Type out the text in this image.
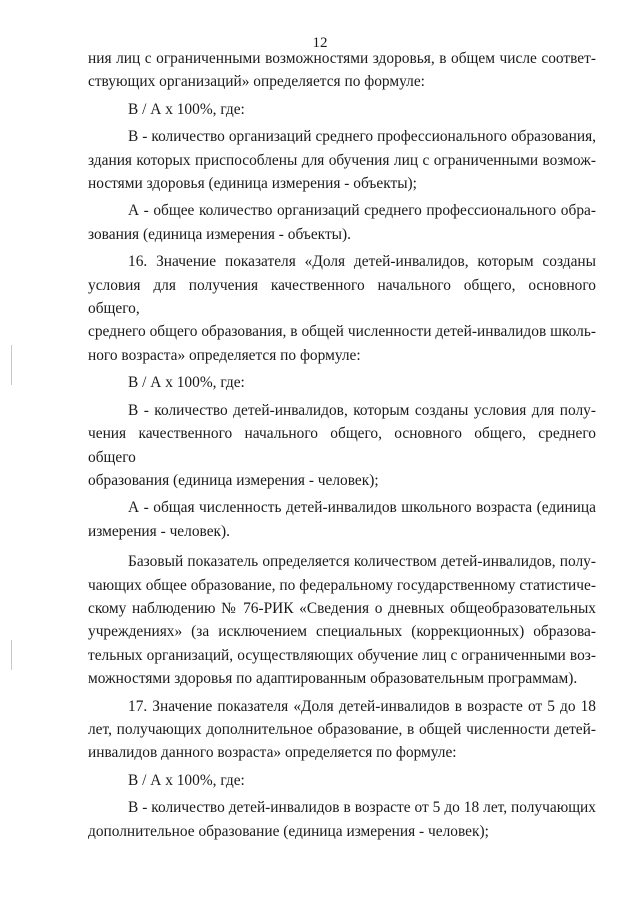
12
ния лиц с ограниченными возможностями здоровья, в общем числе соответ-
ствующих организаций» определяется по формуле:
В / А х 100%, где:
В - количество организаций среднего профессионального образования,
здания которых приспособлены для обучения лиц с ограниченными возмож-
ностями здоровья (единица измерения - объекты);
А - общее количество организаций среднего профессионального обра-
зования (единица измерения - объекты).
16. Значение показателя «Доля детей-инвалидов, которым созданы
условия для получения качественного начального общего, основного общего,
среднего общего образования, в общей численности детей-инвалидов школь-
ного возраста» определяется по формуле:
В / А х 100%, где:
В - количество детей-инвалидов, которым созданы условия для полу-
чения качественного начального общего, основного общего, среднего общего
образования (единица измерения - человек);
А - общая численность детей-инвалидов школьного возраста (единица
измерения - человек).
Базовый показатель определяется количеством детей-инвалидов, полу-
чающих общее образование, по федеральному государственному статистиче-
скому наблюдению № 76-РИК «Сведения о дневных общеобразовательных
учреждениях» (за исключением специальных (коррекционных) образова-
тельных организаций, осуществляющих обучение лиц с ограниченными воз-
можностями здоровья по адаптированным образовательным программам).
17. Значение показателя «Доля детей-инвалидов в возрасте от 5 до 18
лет, получающих дополнительное образование, в общей численности детей-
инвалидов данного возраста» определяется по формуле:
В / А х 100%, где:
В - количество детей-инвалидов в возрасте от 5 до 18 лет, получающих
дополнительное образование (единица измерения - человек);
